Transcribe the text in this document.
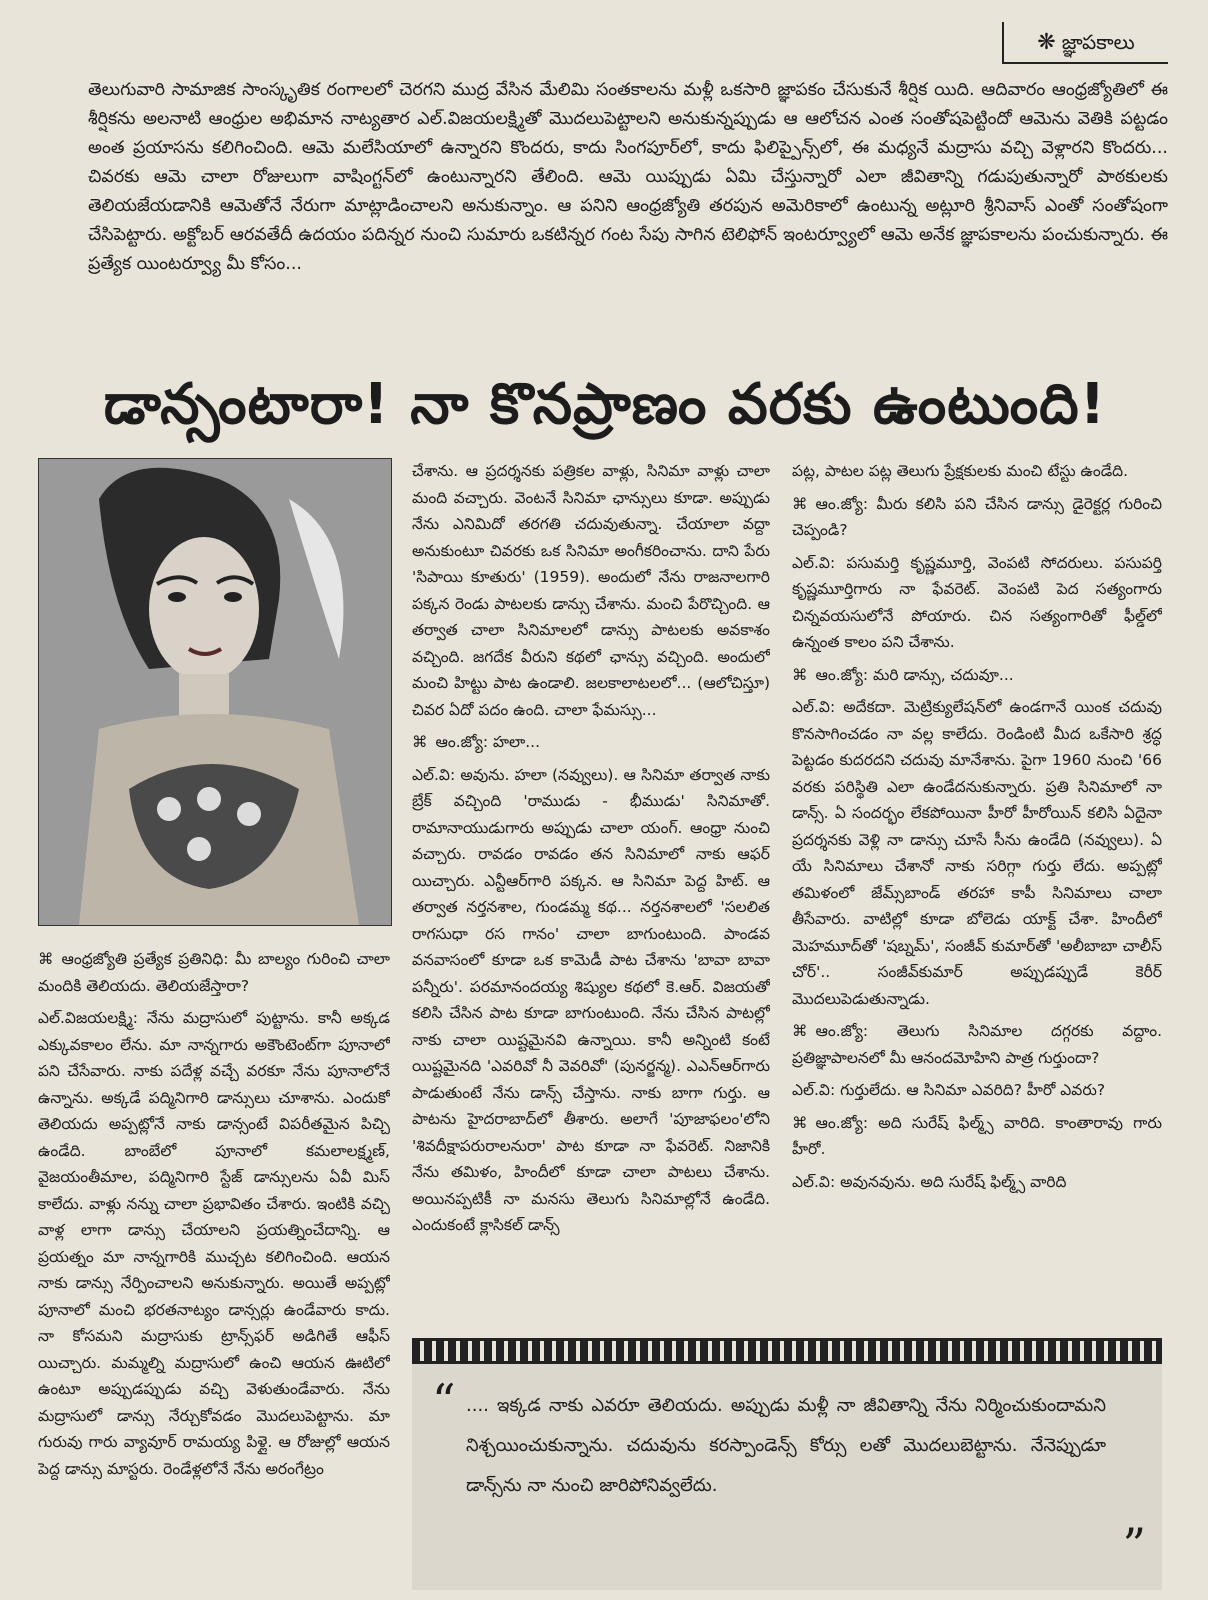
❋ జ్ఞాపకాలు

తెలుగువారి సామాజిక సాంస్కృతిక రంగాలలో చెరగని ముద్ర వేసిన మేలిమి సంతకాలను మళ్లీ ఒకసారి జ్ఞాపకం చేసుకునే శీర్షిక యిది. ఆదివారం ఆంధ్రజ్యోతిలో ఈ శీర్షికను అలనాటి ఆంధ్రుల అభిమాన నాట్యతార ఎల్.విజయలక్ష్మితో మొదలుపెట్టాలని అనుకున్నప్పుడు ఆ ఆలోచన ఎంత సంతోషపెట్టిందో ఆమెను వెతికి పట్టడం అంత ప్రయాసను కలిగించింది. ఆమె మలేసియాలో ఉన్నారని కొందరు, కాదు సింగపూర్‌లో, కాదు ఫిలిప్పైన్స్‌లో, ఈ మధ్యనే మద్రాసు వచ్చి వెళ్లారని కొందరు... చివరకు ఆమె చాలా రోజులుగా వాషింగ్టన్‌లో ఉంటున్నారని తేలింది. ఆమె యిప్పుడు ఏమి చేస్తున్నారో ఎలా జీవితాన్ని గడుపుతున్నారో పాఠకులకు తెలియజేయడానికి ఆమెతోనే నేరుగా మాట్లాడించాలని అనుకున్నాం. ఆ పనిని ఆంధ్రజ్యోతి తరపున అమెరికాలో ఉంటున్న అట్లూరి శ్రీనివాస్ ఎంతో సంతోషంగా చేసిపెట్టారు. అక్టోబర్ ఆరవతేదీ ఉదయం పదిన్నర నుంచి సుమారు ఒకటిన్నర గంట సేపు సాగిన టెలిఫోన్ ఇంటర్వ్యూలో ఆమె అనేక జ్ఞాపకాలను పంచుకున్నారు. ఈ ప్రత్యేక యింటర్వ్యూ మీ కోసం...

డాన్సంటారా! నా కొనప్రాణం వరకు ఉంటుంది!

⌘ ఆంధ్రజ్యోతి ప్రత్యేక ప్రతినిధి: మీ బాల్యం గురించి చాలా మందికి తెలియదు. తెలియజేస్తారా?

ఎల్.విజయలక్ష్మి: నేను మద్రాసులో పుట్టాను. కానీ అక్కడ ఎక్కువకాలం లేను. మా నాన్నగారు అకౌంటెంట్‌గా పూనాలో పని చేసేవారు. నాకు పదేళ్ల వచ్చే వరకూ నేను పూనాలోనే ఉన్నాను. అక్కడే పద్మినిగారి డాన్సులు చూశాను. ఎందుకో తెలియదు అప్పట్లోనే నాకు డాన్సంటే విపరీతమైన పిచ్చి ఉండేది. బాంబేలో పూనాలో కమలాలక్ష్మణ్, వైజయంతీమాల, పద్మినిగారి స్టేజ్ డాన్సులను ఏవీ మిస్ కాలేదు. వాళ్లు నన్ను చాలా ప్రభావితం చేశారు. ఇంటికి వచ్చి వాళ్ల లాగా డాన్సు చేయాలని ప్రయత్నించేదాన్ని. ఆ ప్రయత్నం మా నాన్నగారికి ముచ్చట కలిగించింది. ఆయన నాకు డాన్సు నేర్పించాలని అనుకున్నారు. అయితే అప్పట్లో పూనాలో మంచి భరతనాట్యం డాన్సర్లు ఉండేవారు కాదు. నా కోసమని మద్రాసుకు ట్రాన్స్‌ఫర్ అడిగితే ఆఫీస్ యిచ్చారు. మమ్మల్ని మద్రాసులో ఉంచి ఆయన ఊటిలో ఉంటూ అప్పుడప్పుడు వచ్చి వెళుతుండేవారు. నేను మద్రాసులో డాన్సు నేర్చుకోవడం మొదలుపెట్టాను. మా గురువు గారు వ్యావూర్ రామయ్య పిళ్లై. ఆ రోజుల్లో ఆయన పెద్ద డాన్సు మాస్టరు. రెండేళ్లలోనే నేను అరంగేట్రం

చేశాను. ఆ ప్రదర్శనకు పత్రికల వాళ్లు, సినిమా వాళ్లు చాలా మంది వచ్చారు. వెంటనే సినిమా ఛాన్సులు కూడా. అప్పుడు నేను ఎనిమిదో తరగతి చదువుతున్నా. చేయాలా వద్దా అనుకుంటూ చివరకు ఒక సినిమా అంగీకరించాను. దాని పేరు 'సిపాయి కూతురు' (1959). అందులో నేను రాజనాలగారి పక్కన రెండు పాటలకు డాన్సు చేశాను. మంచి పేరొచ్చింది. ఆ తర్వాత చాలా సినిమాలలో డాన్సు పాటలకు అవకాశం వచ్చింది. జగదేక వీరుని కథలో ఛాన్సు వచ్చింది. అందులో మంచి హిట్టు పాట ఉండాలి. జలకాలాటలలో... (ఆలోచిస్తూ) చివర ఏదో పదం ఉంది. చాలా ఫేమస్సు...

⌘ ఆం.జ్యో: హలా...

ఎల్.వి: అవును. హలా (నవ్వులు). ఆ సినిమా తర్వాత నాకు బ్రేక్ వచ్చింది 'రాముడు - భీముడు' సినిమాతో. రామానాయుడుగారు అప్పుడు చాలా యంగ్. ఆంధ్రా నుంచి వచ్చారు. రావడం రావడం తన సినిమాలో నాకు ఆఫర్ యిచ్చారు. ఎన్టీఆర్‌గారి పక్కన. ఆ సినిమా పెద్ద హిట్. ఆ తర్వాత నర్తనశాల, గుండమ్మ కథ... నర్తనశాలలో 'సలలిత రాగసుధా రస గానం' చాలా బాగుంటుంది. పాండవ వనవాసంలో కూడా ఒక కామెడీ పాట చేశాను 'బావా బావా పన్నీరు'. పరమానందయ్య శిష్యుల కథలో కె.ఆర్. విజయతో కలిసి చేసిన పాట కూడా బాగుంటుంది. నేను చేసిన పాటల్లో నాకు చాలా యిష్టమైనవి ఉన్నాయి. కానీ అన్నింటి కంటే యిష్టమైనది 'ఎవరివో నీ వెవరివో' (పునర్జన్మ). ఎఎన్ఆర్‌గారు పాడుతుంటే నేను డాన్స్ చేస్తాను. నాకు బాగా గుర్తు. ఆ పాటను హైదరాబాద్‌లో తీశారు. అలాగే 'పూజాఫలం'లోని 'శివదీక్షాపరురాలనురా' పాట కూడా నా ఫేవరెట్. నిజానికి నేను తమిళం, హిందీలో కూడా చాలా పాటలు చేశాను. అయినప్పటికీ నా మనసు తెలుగు సినిమాల్లోనే ఉండేది. ఎందుకంటే క్లాసికల్ డాన్స్

పట్ల, పాటల పట్ల తెలుగు ప్రేక్షకులకు మంచి టేస్టు ఉండేది.

⌘ ఆం.జ్యో: మీరు కలిసి పని చేసిన డాన్సు డైరెక్టర్ల గురించి చెప్పండి?

ఎల్.వి: పసుమర్తి కృష్ణమూర్తి, వెంపటి సోదరులు. పసుపర్తి కృష్ణమూర్తిగారు నా ఫేవరెట్. వెంపటి పెద సత్యంగారు చిన్నవయసులోనే పోయారు. చిన సత్యంగారితో ఫీల్డ్‌లో ఉన్నంత కాలం పని చేశాను.

⌘ ఆం.జ్యో: మరి డాన్సు, చదువూ...

ఎల్.వి: అదేకదా. మెట్రిక్యులేషన్‌లో ఉండగానే యింక చదువు కొనసాగించడం నా వల్ల కాలేదు. రెండింటి మీద ఒకేసారి శ్రద్ధ పెట్టడం కుదరదని చదువు మానేశాను. పైగా 1960 నుంచి '66 వరకు పరిస్థితి ఎలా ఉండేదనుకున్నారు. ప్రతి సినిమాలో నా డాన్స్. ఏ సందర్భం లేకపోయినా హీరో హీరోయిన్ కలిసి ఏదైనా ప్రదర్శనకు వెళ్లి నా డాన్సు చూసే సీను ఉండేది (నవ్వులు). ఏ యే సినిమాలు చేశానో నాకు సరిగ్గా గుర్తు లేదు. అప్పట్లో తమిళంలో జేమ్స్‌బాండ్ తరహా కాపీ సినిమాలు చాలా తీసేవారు. వాటిల్లో కూడా బోలెడు యాక్ట్ చేశా. హిందీలో మెహమూద్‌తో 'షబ్నమ్', సంజీవ్ కుమార్‌తో 'అలీబాబా చాలీస్ చోర్'.. సంజీవ్‌కుమార్ అప్పుడప్పుడే కెరీర్ మొదలుపెడుతున్నాడు.

⌘ ఆం.జ్యో: తెలుగు సినిమాల దగ్గరకు వద్దాం. ప్రతిజ్ఞాపాలనలో మీ ఆనందమోహిని పాత్ర గుర్తుందా?

ఎల్.వి: గుర్తులేదు. ఆ సినిమా ఎవరిది? హీరో ఎవరు?

⌘ ఆం.జ్యో: అది సురేష్ ఫిల్మ్స్ వారిది. కాంతారావు గారు హీరో.

ఎల్.వి: అవునవును. అది సురేష్ ఫిల్మ్స్ వారిది

“ .... ఇక్కడ నాకు ఎవరూ తెలియదు. అప్పుడు మళ్లీ నా జీవితాన్ని నేను నిర్మించుకుందామని నిశ్చయించుకున్నాను. చదువును కరస్పాండెన్స్ కోర్సు లతో మొదలుబెట్టాను. నేనెప్పుడూ డాన్స్‌ను నా నుంచి జారిపోనివ్వలేదు.
”
